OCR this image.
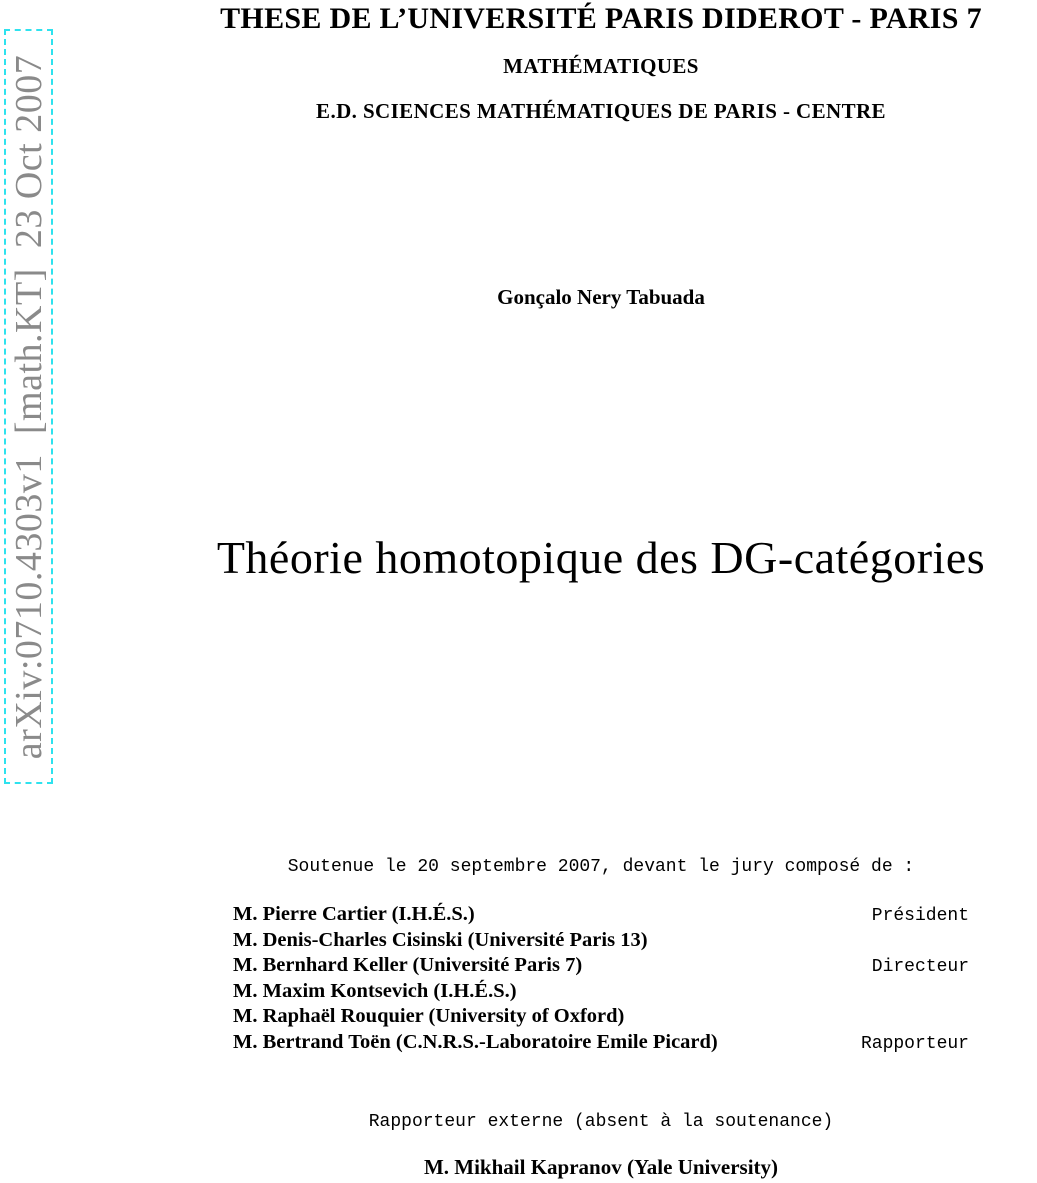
arXiv:0710.4303v1  [math.KT]  23 Oct 2007
THESE DE L’UNIVERSITÉ PARIS DIDEROT - PARIS 7
MATHÉMATIQUES
E.D. SCIENCES MATHÉMATIQUES DE PARIS - CENTRE
Gonçalo Nery Tabuada
Théorie homotopique des DG-catégories
Soutenue le 20 septembre 2007, devant le jury composé de :
M. Pierre Cartier (I.H.É.S.)	Président
M. Denis-Charles Cisinski (Université Paris 13)
M. Bernhard Keller (Université Paris 7)	Directeur
M. Maxim Kontsevich (I.H.É.S.)
M. Raphaël Rouquier (University of Oxford)
M. Bertrand Toën (C.N.R.S.-Laboratoire Emile Picard)	Rapporteur
Rapporteur externe (absent à la soutenance)
M. Mikhail Kapranov (Yale University)
